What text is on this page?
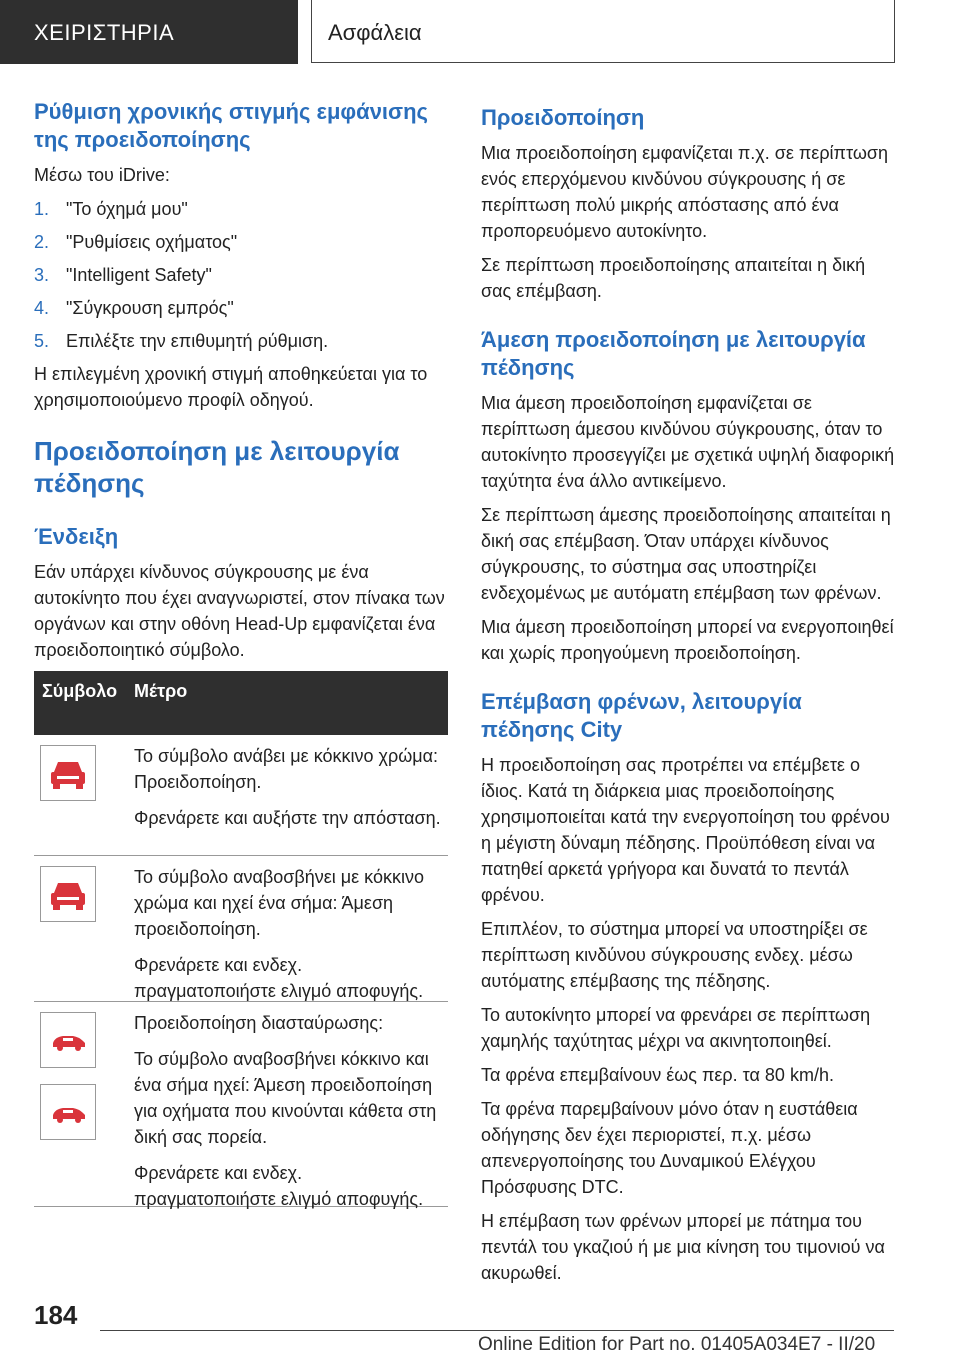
ΧΕΙΡΙΣΤΗΡΙΑ	Ασφάλεια
Ρύθμιση χρονικής στιγμής εμφάνισης της προειδοποίησης

Μέσω του iDrive:

1. "Το όχημά μου"
2. "Ρυθμίσεις οχήματος"
3. "Intelligent Safety"
4. "Σύγκρουση εμπρός"
5. Επιλέξτε την επιθυμητή ρύθμιση.

Η επιλεγμένη χρονική στιγμή αποθηκεύεται για το χρησιμοποιούμενο προφίλ οδηγού.

Προειδοποίηση με λειτουργία πέδησης
Ένδειξη

Εάν υπάρχει κίνδυνος σύγκρουσης με ένα αυτοκίνητο που έχει αναγνωριστεί, στον πίνακα των οργάνων και στην οθόνη Head-Up εμφανίζεται ένα προειδοποιητικό σύμβολο.

Σύμβολο Μέτρο

Το σύμβολο ανάβει με κόκκινο χρώμα: Προειδοποίηση.

Φρενάρετε και αυξήστε την απόσταση.

Το σύμβολο αναβοσβήνει με κόκκινο χρώμα και ηχεί ένα σήμα: Άμεση προειδοποίηση.

Φρενάρετε και ενδεχ. πραγματοποιήστε ελιγμό αποφυγής.

Προειδοποίηση διασταύρωσης:

Το σύμβολο αναβοσβήνει κόκκινο και ένα σήμα ηχεί: Άμεση προειδοποίηση για οχήματα που κινούνται κάθετα στη δική σας πορεία.

Φρενάρετε και ενδεχ. πραγματοποιήστε ελιγμό αποφυγής.

Προειδοποίηση

Μια προειδοποίηση εμφανίζεται π.χ. σε περίπτωση ενός επερχόμενου κινδύνου σύγκρουσης ή σε περίπτωση πολύ μικρής απόστασης από ένα προπορευόμενο αυτοκίνητο.

Σε περίπτωση προειδοποίησης απαιτείται η δική σας επέμβαση.

Άμεση προειδοποίηση με λειτουργία πέδησης

Μια άμεση προειδοποίηση εμφανίζεται σε περίπτωση άμεσου κινδύνου σύγκρουσης, όταν το αυτοκίνητο προσεγγίζει με σχετικά υψηλή διαφορική ταχύτητα ένα άλλο αντικείμενο.

Σε περίπτωση άμεσης προειδοποίησης απαιτείται η δική σας επέμβαση. Όταν υπάρχει κίνδυνος σύγκρουσης, το σύστημα σας υποστηρίζει ενδεχομένως με αυτόματη επέμβαση των φρένων.

Μια άμεση προειδοποίηση μπορεί να ενεργοποιηθεί και χωρίς προηγούμενη προειδοποίηση.

Επέμβαση φρένων, λειτουργία πέδησης City

Η προειδοποίηση σας προτρέπει να επέμβετε ο ίδιος. Κατά τη διάρκεια μιας προειδοποίησης χρησιμοποιείται κατά την ενεργοποίηση του φρένου η μέγιστη δύναμη πέδησης. Προϋπόθεση είναι να πατηθεί αρκετά γρήγορα και δυνατά το πεντάλ φρένου.

Επιπλέον, το σύστημα μπορεί να υποστηρίξει σε περίπτωση κινδύνου σύγκρουσης ενδεχ. μέσω αυτόματης επέμβασης της πέδησης.

Το αυτοκίνητο μπορεί να φρενάρει σε περίπτωση χαμηλής ταχύτητας μέχρι να ακινητοποιηθεί.

Τα φρένα επεμβαίνουν έως περ. τα 80 km/h.

Τα φρένα παρεμβαίνουν μόνο όταν η ευστάθεια οδήγησης δεν έχει περιοριστεί, π.χ. μέσω απενεργοποίησης του Δυναμικού Ελέγχου Πρόσφυσης DTC.

Η επέμβαση των φρένων μπορεί με πάτημα του πεντάλ του γκαζιού ή με μια κίνηση του τιμονιού να ακυρωθεί.

184
Online Edition for Part no. 01405A034E7 - II/20
